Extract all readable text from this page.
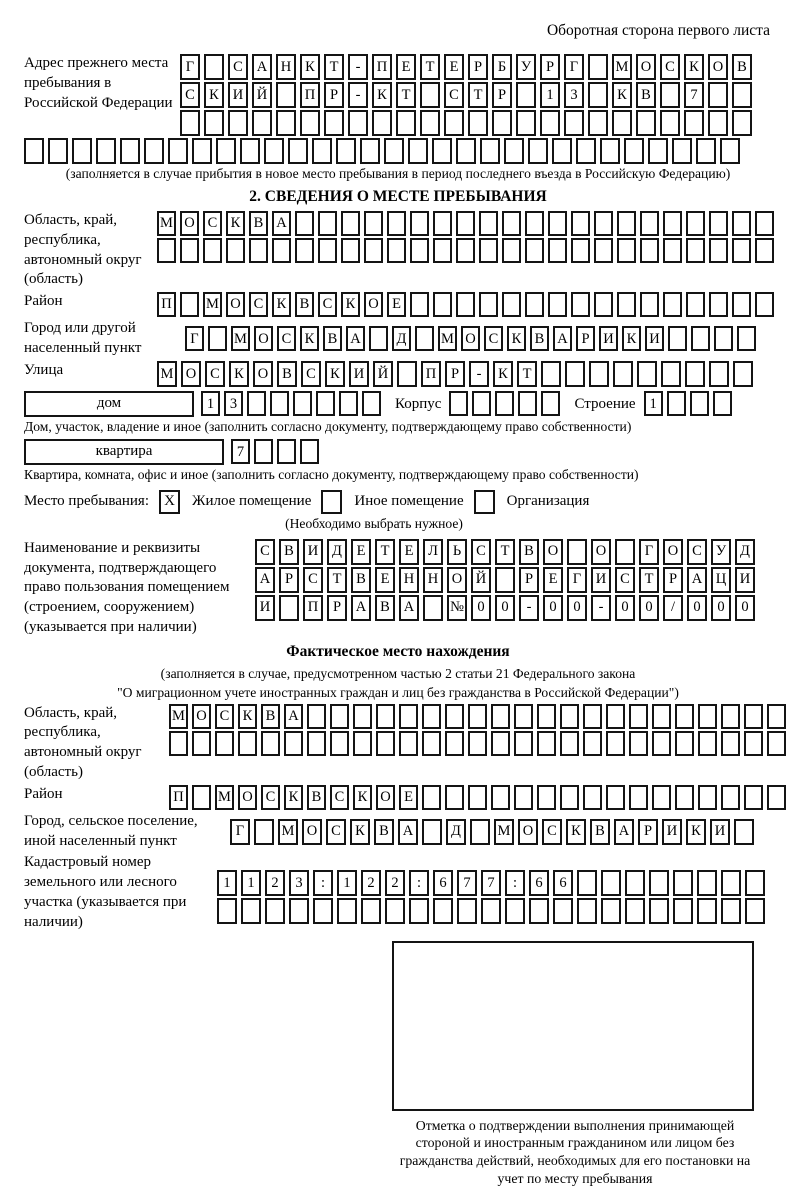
Оборотная сторона первого листа
Адрес прежнего места пребывания в Российской Федерации
Г	С А Н К	Т	-	П Е	Т	Е	Р	Б	У	Р	Г	М О С К О В
С К И Й	П	Р	-	К	Т	С	Т	Р	1	3	К В	7
(заполняется в случае прибытия в новое место пребывания в период последнего въезда в Российскую Федерацию)
2. СВЕДЕНИЯ О МЕСТЕ ПРЕБЫВАНИЯ
Область, край, республика, автономный округ (область)
М О С К В А
Район	П М О С К В С К О Е
Город или другой населенный пункт
Г	М О С К В А	Д	М О С К В А Р И К И
Улица	М О С К О В С К И Й	П	Р	-	К	Т
дом	1	3	Корпус	Строение 1
Дом, участок, владение и иное (заполнить согласно документу, подтверждающему право собственности)
квартира	7
Квартира, комната, офис и иное (заполнить согласно документу, подтверждающему право собственности)
Место пребывания:	X	Жилое помещение	Иное помещение	Организация
(Необходимо выбрать нужное)
Наименование и реквизиты документа, подтверждающего право пользования помещением (строением, сооружением) (указывается при наличии)
С В И Д	Е	Т	Е	Л	Ь	С	Т	В О	О	Г	О С У Д
А	Р	С	Т	В	Е Н Н О Й	Р	Е	Г	И С	Т	Р	А Ц И
И	П	Р	А В А	№ 0	0	-	0	0	-	0	0	/	0	0	0
Фактическое место нахождения
(заполняется в случае, предусмотренном частью 2 статьи 21 Федерального закона
"О миграционном учете иностранных граждан и лиц без гражданства в Российской Федерации")
Область, край, республика, автономный округ (область)
М О С К В А
Район	П М О С К В С К О Е
Город, сельское поселение, иной населенный пункт
Г	М О С К В А	Д	М О С К В А	Р	И К И
Кадастровый номер земельного или лесного участка (указывается при наличии)
1	1	2	3	:	1	2	2	:	6	7	7	:	6	6
Отметка о подтверждении выполнения принимающей стороной и иностранным гражданином или лицом без гражданства действий, необходимых для его постановки на учет по месту пребывания
